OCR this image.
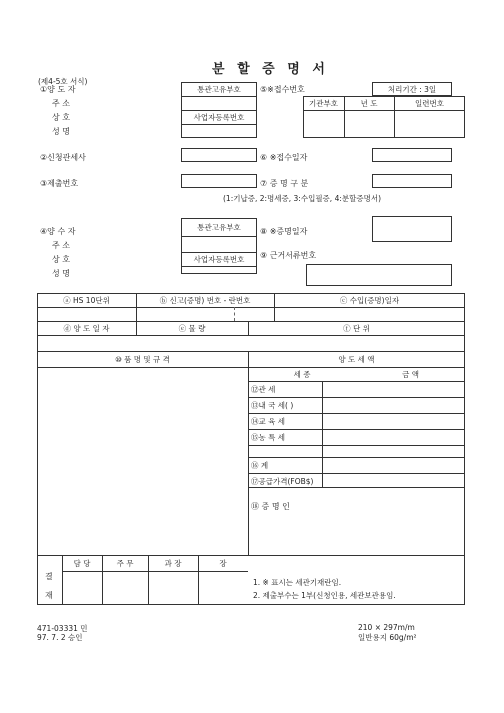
분 할 증 명 서
(제4-5호 서식)
①양 도 자
주 소
상 호
성 명
통관고유부호
사업자등록번호
⑤※접수번호	처리기간 : 3일
기관부호	년 도	일련번호
②신청관세사	⑥ ※접수일자
③제출번호	⑦ 증 명 구 분
(1:기납증, 2:명세증, 3:수입필증, 4:분할증명서)
④양 수 자
주 소
상 호
성 명
통관고유부호
사업자등록번호
⑧ ※증명일자
⑨ 근거서류번호
ⓐ HS 10단위	ⓑ 신고(증명) 번호 - 란번호	ⓒ 수입(증명)일자
ⓓ 양 도 일 자	ⓔ 물 량	ⓕ 단 위
⑩ 품 명 및 규 격	양 도 세 액
세 종	금 액
⑫관 세
⑬내 국 세( )
⑭교 육 세
⑮농 특 세
⑯ 계
⑰공급가격(FOB$)
⑱ 증 명 인
결
재
담 당	주 무	과 장	장
1. ※ 표시는 세관기재란임.
2. 제출부수는 1부(신청인용, 세관보관용임.
471-03331 민
97. 7. 2 승인
210 × 297m/m
일반용지 60g/m²
